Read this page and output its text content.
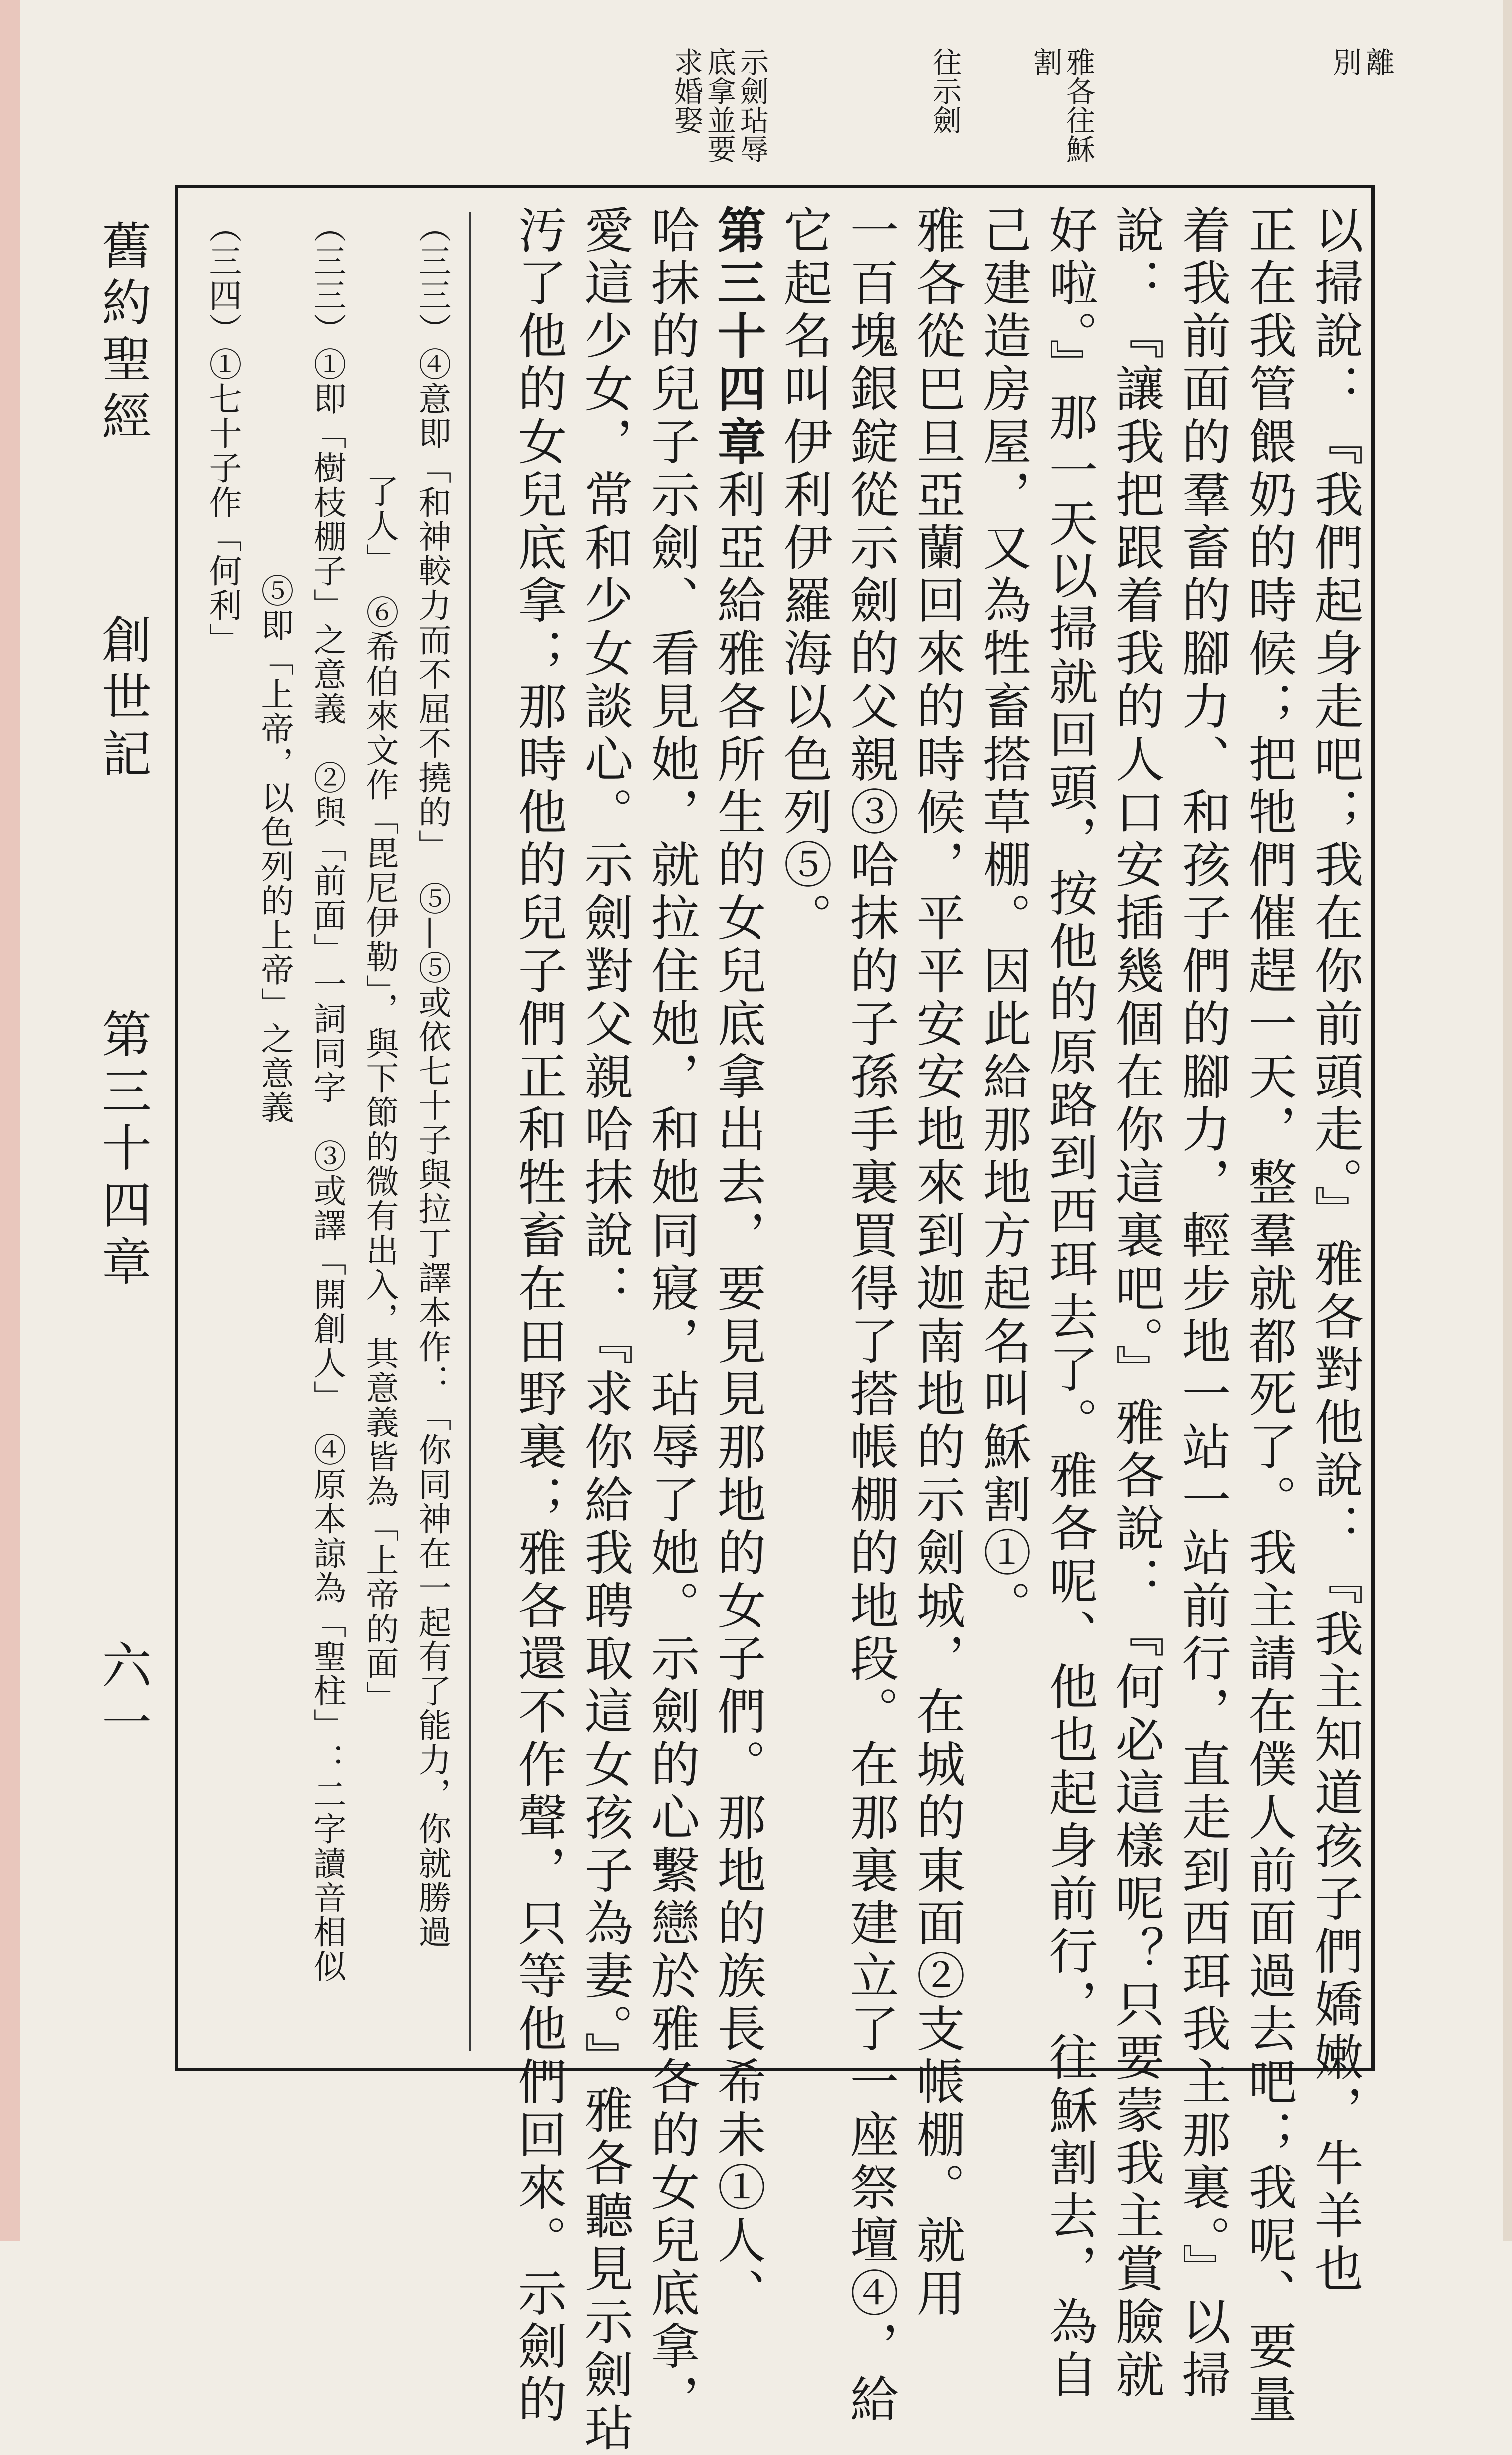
別離
割雅各往穌
往示劍
求婚娶底拿並要示劍玷辱
以掃說：『我們起身走吧；我在你前頭走。』雅各對他說：『我主知道孩子們嬌嫩，牛羊也
正在我管餵奶的時候；把牠們催趕一天，整羣就都死了。我主請在僕人前面過去吧；我呢、要量
着我前面的羣畜的腳力、和孩子們的腳力，輕步地一站一站前行，直走到西珥我主那裏。』以掃
說：『讓我把跟着我的人口安插幾個在你這裏吧。』雅各說：『何必這樣呢？只要蒙我主賞臉就
好啦。』那一天以掃就回頭，按他的原路到西珥去了。雅各呢、他也起身前行，往穌割去，為自
己建造房屋，又為牲畜搭草棚。因此給那地方起名叫穌割①。
雅各從巴旦亞蘭回來的時候，平平安安地來到迦南地的示劍城，在城的東面②支帳棚。就用
一百塊銀錠從示劍的父親③哈抹的子孫手裏買得了搭帳棚的地段。在那裏建立了一座祭壇④，給
它起名叫伊利伊羅海以色列⑤。
第三十四章利亞給雅各所生的女兒底拿出去，要見見那地的女子們。那地的族長希未①人、
哈抹的兒子示劍、看見她，就拉住她，和她同寢，玷辱了她。示劍的心繫戀於雅各的女兒底拿，
愛這少女，常和少女談心。示劍對父親哈抹說：『求你給我聘取這女孩子為妻。』雅各聽見示劍玷
汚了他的女兒底拿；那時他的兒子們正和牲畜在田野裏；雅各還不作聲，只等他們回來。示劍的
（三三）④意即「和神較力而不屈不撓的」　⑤—⑤或依七十子與拉丁譯本作：「你同神在一起有了能力，你就勝過
了人」　⑥希伯來文作「毘尼伊勒」，與下節的微有出入，其意義皆為「上帝的面」
（三三）①即「樹枝棚子」之意義　②與「前面」一詞同字　③或譯「開創人」　④原本諒為「聖柱」：二字讀音相似
⑤即「上帝，以色列的上帝」之意義
（三四）①七十子作「何利」
舊約聖經
創世記
第三十四章
六一
